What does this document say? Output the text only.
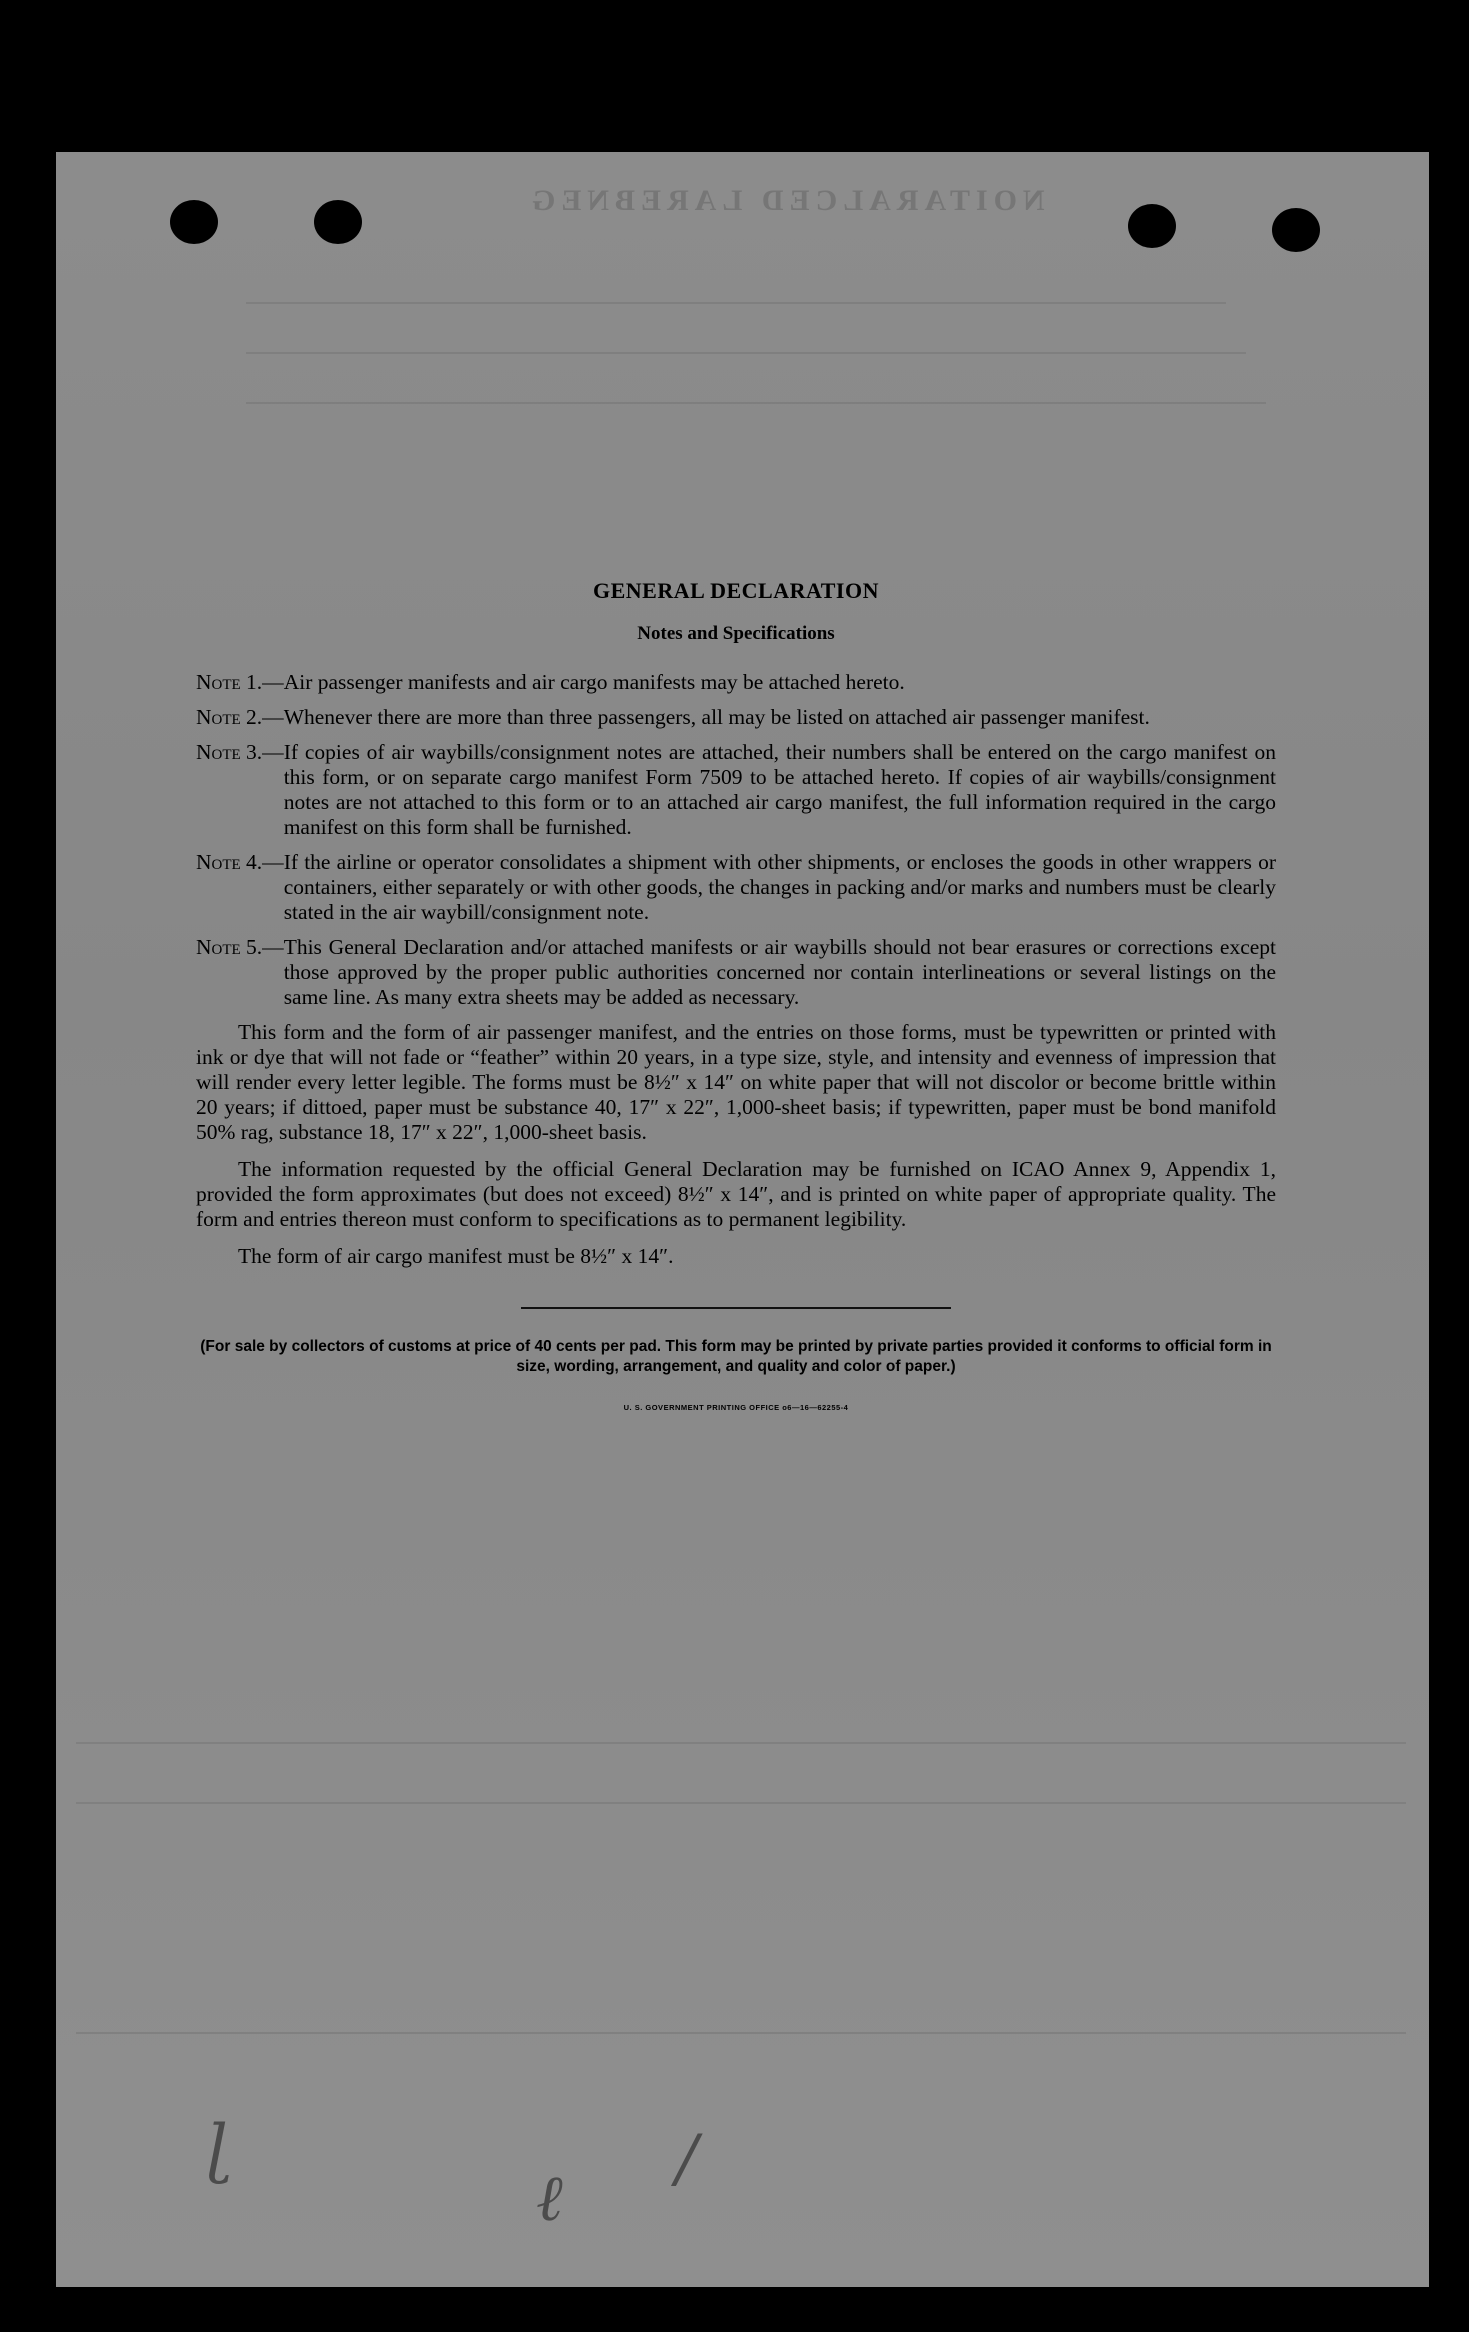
NOITARALCED LAREBNEG
ɭ
ℓ
/
GENERAL DECLARATION
Notes and Specifications
Note 1.— Air passenger manifests and air cargo manifests may be attached hereto.
Note 2.— Whenever there are more than three passengers, all may be listed on attached air passenger manifest.
Note 3.— If copies of air waybills/consignment notes are attached, their numbers shall be entered on the cargo manifest on this form, or on separate cargo manifest Form 7509 to be attached hereto. If copies of air waybills/consignment notes are not attached to this form or to an attached air cargo manifest, the full information required in the cargo manifest on this form shall be furnished.
Note 4.— If the airline or operator consolidates a shipment with other shipments, or encloses the goods in other wrappers or containers, either separately or with other goods, the changes in packing and/or marks and numbers must be clearly stated in the air waybill/consignment note.
Note 5.— This General Declaration and/or attached manifests or air waybills should not bear erasures or corrections except those approved by the proper public authorities concerned nor contain interlineations or several listings on the same line. As many extra sheets may be added as necessary.

This form and the form of air passenger manifest, and the entries on those forms, must be typewritten or printed with ink or dye that will not fade or “feather” within 20 years, in a type size, style, and intensity and evenness of impression that will render every letter legible. The forms must be 8½″ x 14″ on white paper that will not discolor or become brittle within 20 years; if dittoed, paper must be substance 40, 17″ x 22″, 1,000-sheet basis; if typewritten, paper must be bond manifold 50% rag, substance 18, 17″ x 22″, 1,000-sheet basis.

The information requested by the official General Declaration may be furnished on ICAO Annex 9, Appendix 1, provided the form approximates (but does not exceed) 8½″ x 14″, and is printed on white paper of appropriate quality. The form and entries thereon must conform to specifications as to permanent legibility.

The form of air cargo manifest must be 8½″ x 14″.

(For sale by collectors of customs at price of 40 cents per pad. This form may be printed by private parties provided it conforms to official form in size, wording, arrangement, and quality and color of paper.)
U. S. GOVERNMENT PRINTING OFFICE o6—16—62255-4
